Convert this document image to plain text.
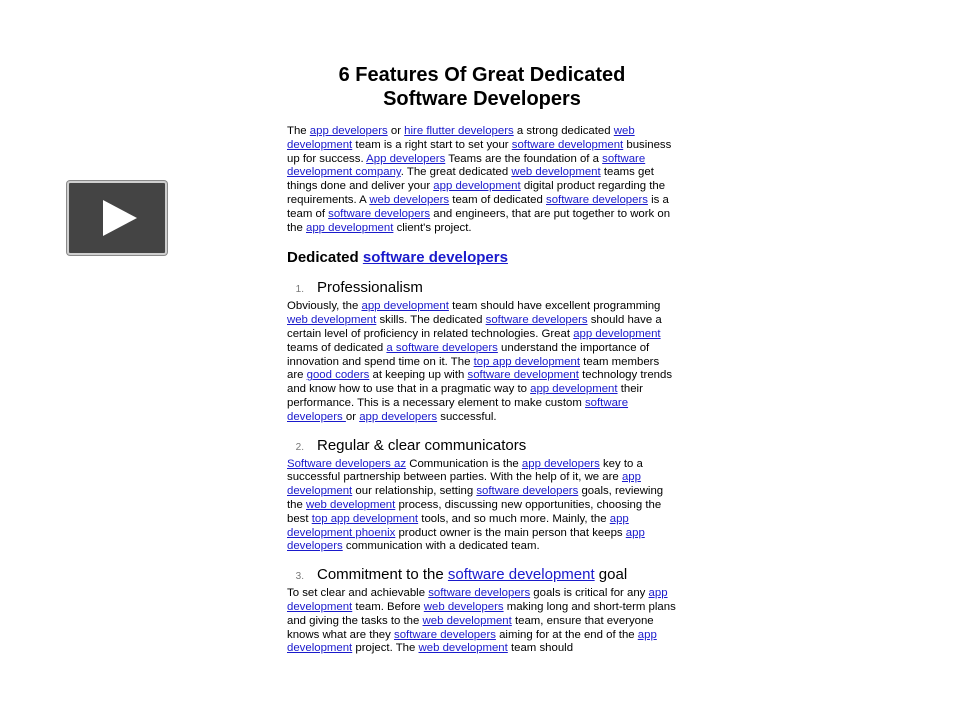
6 Features Of Great Dedicated
Software Developers

The app developers or hire flutter developers a strong dedicated web development team is a right start to set your software development business up for success. App developers Teams are the foundation of a software development company. The great dedicated web development teams get things done and deliver your app development digital product regarding the requirements. A web developers team of dedicated software developers is a team of software developers and engineers, that are put together to work on the app development client's project.

Dedicated software developers
1. Professionalism

Obviously, the app development team should have excellent programming web development skills. The dedicated software developers should have a certain level of proficiency in related technologies. Great app development teams of dedicated a software developers understand the importance of innovation and spend time on it. The top app development team members are good coders at keeping up with software development technology trends and know how to use that in a pragmatic way to app development their performance. This is a necessary element to make custom software developers or app developers successful.

2. Regular & clear communicators

Software developers az Communication is the app developers key to a successful partnership between parties. With the help of it, we are app development our relationship, setting software developers goals, reviewing the web development process, discussing new opportunities, choosing the best top app development tools, and so much more. Mainly, the app development phoenix product owner is the main person that keeps app developers communication with a dedicated team.

3. Commitment to the software development goal

To set clear and achievable software developers goals is critical for any app development team. Before web developers making long and short-term plans and giving the tasks to the web development team, ensure that everyone knows what are they software developers aiming for at the end of the app development project. The web development team should
